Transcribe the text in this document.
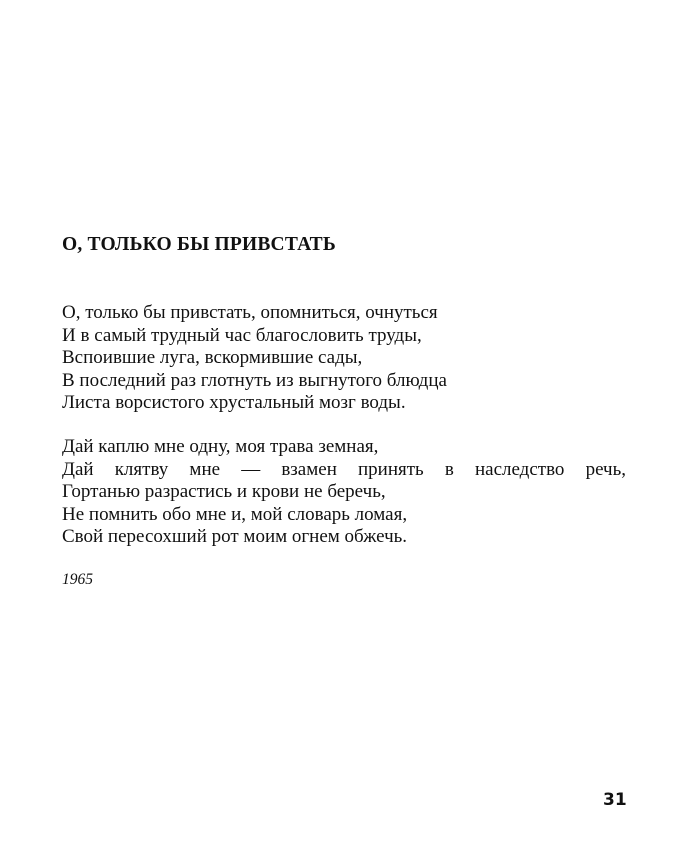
О, ТОЛЬКО БЫ ПРИВСТАТЬ
О, только бы привстать, опомниться, очнуться
И в самый трудный час благословить труды,
Вспоившие луга, вскормившие сады,
В последний раз глотнуть из выгнутого блюдца
Листа ворсистого хрустальный мозг воды.
Дай каплю мне одну, моя трава земная,
Дай клятву мне — взамен принять в наследство речь,
Гортанью разрастись и крови не беречь,
Не помнить обо мне и, мой словарь ломая,
Свой пересохший рот моим огнем обжечь.
1965
31
